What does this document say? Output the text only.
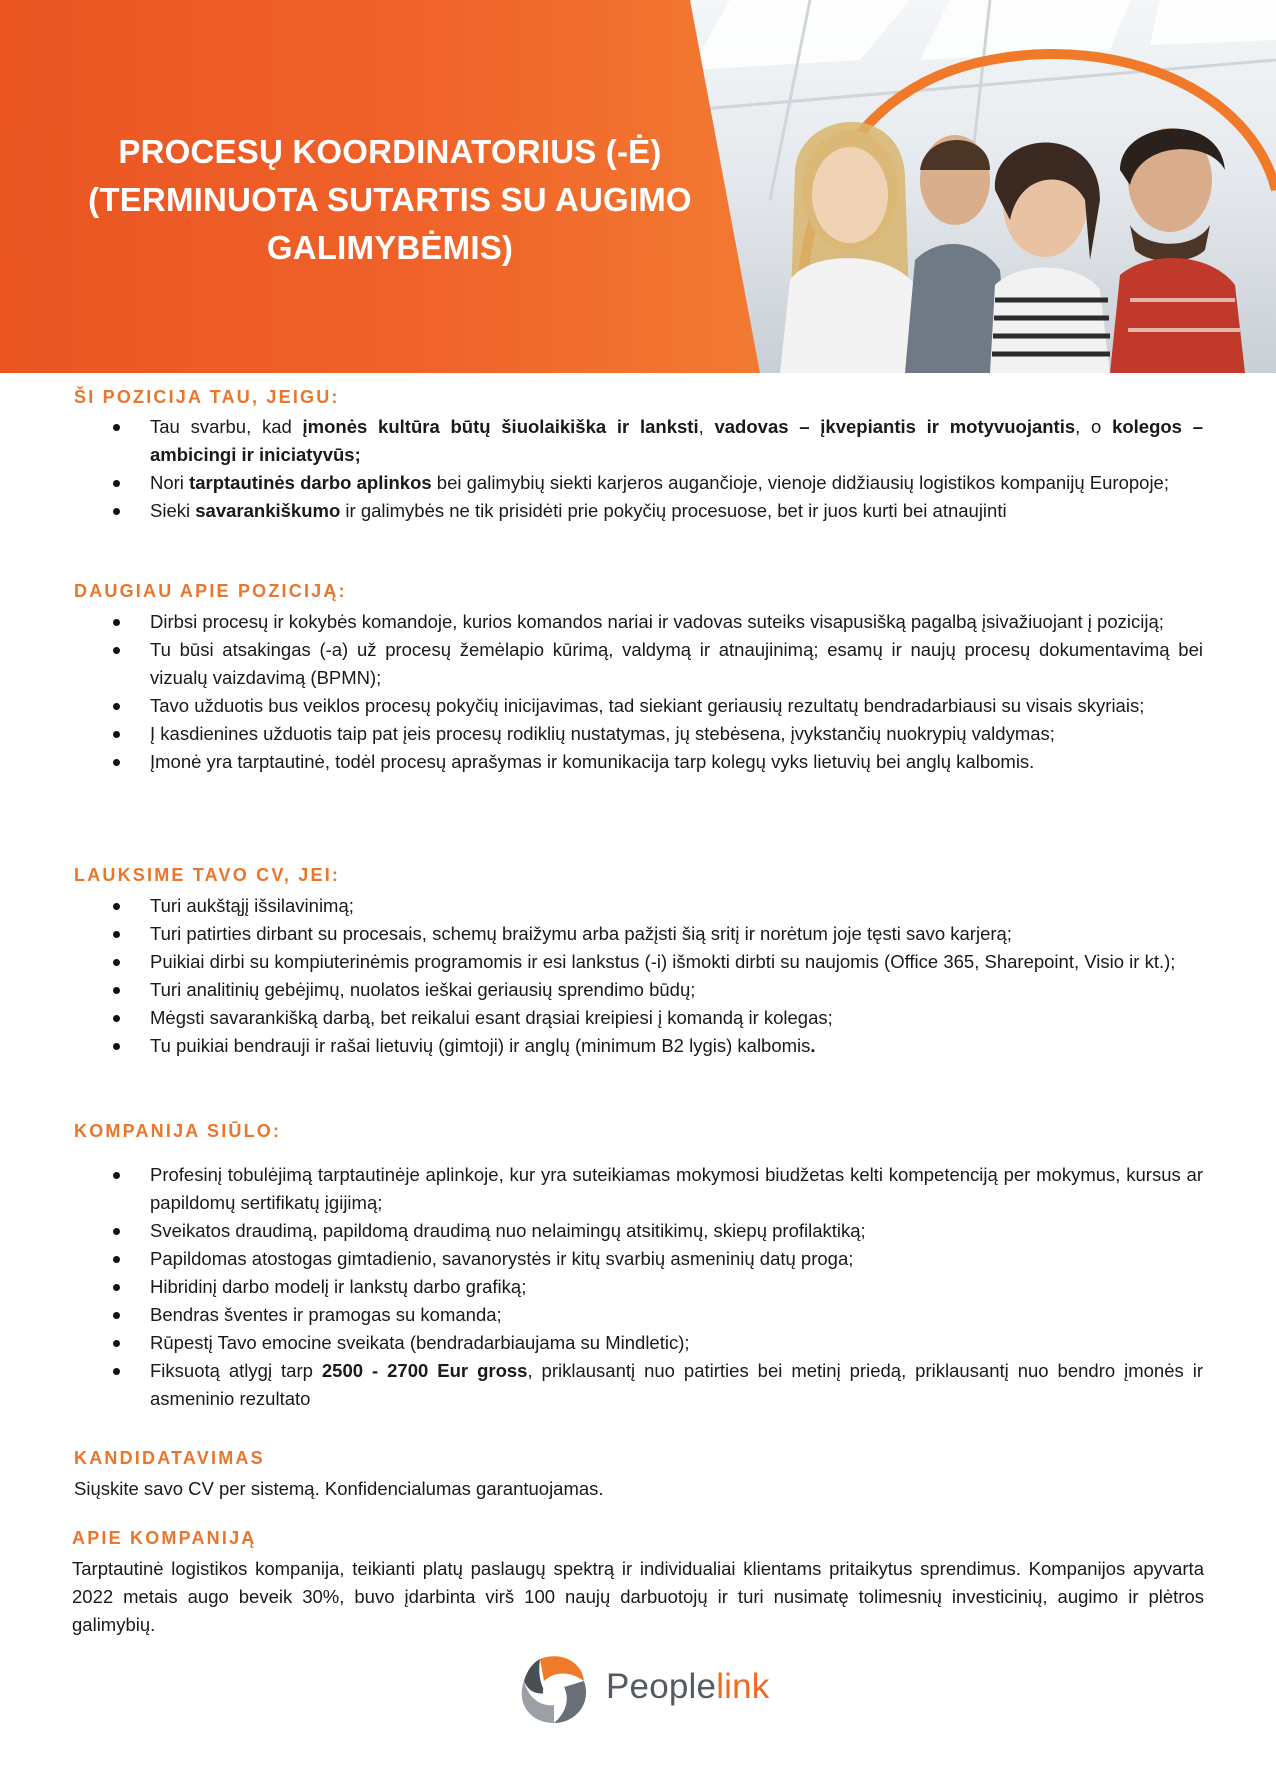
PROCESŲ KOORDINATORIUS (-Ė)
(TERMINUOTA SUTARTIS SU AUGIMO
GALIMYBĖMIS)
ŠI POZICIJA TAU, JEIGU:
Tau svarbu, kad įmonės kultūra būtų šiuolaikiška ir lanksti, vadovas – įkvepiantis ir motyvuojantis, o kolegos – ambicingi ir iniciatyvūs;
Nori tarptautinės darbo aplinkos bei galimybių siekti karjeros augančioje, vienoje didžiausių logistikos kompanijų Europoje;
Sieki savarankiškumo ir galimybės ne tik prisidėti prie pokyčių procesuose, bet ir juos kurti bei atnaujinti
DAUGIAU APIE POZICIJĄ:
Dirbsi procesų ir kokybės komandoje, kurios komandos nariai ir vadovas suteiks visapusišką pagalbą įsivažiuojant į poziciją;
Tu būsi atsakingas (-a) už procesų žemėlapio kūrimą, valdymą ir atnaujinimą; esamų ir naujų procesų dokumentavimą bei vizualų vaizdavimą (BPMN);
Tavo užduotis bus veiklos procesų pokyčių inicijavimas, tad siekiant geriausių rezultatų bendradarbiausi su visais skyriais;
Į kasdienines užduotis taip pat įeis procesų rodiklių nustatymas, jų stebėsena, įvykstančių nuokrypių valdymas;
Įmonė yra tarptautinė, todėl procesų aprašymas ir komunikacija tarp kolegų vyks lietuvių bei anglų kalbomis.
LAUKSIME TAVO CV, JEI:
Turi aukštąjį išsilavinimą;
Turi patirties dirbant su procesais, schemų braižymu arba pažįsti šią sritį ir norėtum joje tęsti savo karjerą;
Puikiai dirbi su kompiuterinėmis programomis ir esi lankstus (-i) išmokti dirbti su naujomis (Office 365, Sharepoint, Visio ir kt.);
Turi analitinių gebėjimų, nuolatos ieškai geriausių sprendimo būdų;
Mėgsti savarankišką darbą, bet reikalui esant drąsiai kreipiesi į komandą ir kolegas;
Tu puikiai bendrauji ir rašai lietuvių (gimtoji) ir anglų (minimum B2 lygis) kalbomis.
KOMPANIJA SIŪLO:
Profesinį tobulėjimą tarptautinėje aplinkoje, kur yra suteikiamas mokymosi biudžetas kelti kompetenciją per mokymus, kursus ar papildomų sertifikatų įgijimą;
Sveikatos draudimą, papildomą draudimą nuo nelaimingų atsitikimų, skiepų profilaktiką;
Papildomas atostogas gimtadienio, savanorystės ir kitų svarbių asmeninių datų proga;
Hibridinį darbo modelį ir lankstų darbo grafiką;
Bendras šventes ir pramogas su komanda;
Rūpestį Tavo emocine sveikata (bendradarbiaujama su Mindletic);
Fiksuotą atlygį tarp 2500 - 2700 Eur gross, priklausantį nuo patirties bei metinį priedą, priklausantį nuo bendro įmonės ir asmeninio rezultato
KANDIDATAVIMAS

Siųskite savo CV per sistemą. Konfidencialumas garantuojamas.

APIE KOMPANIJĄ

Tarptautinė logistikos kompanija, teikianti platų paslaugų spektrą ir individualiai klientams pritaikytus sprendimus. Kompanijos apyvarta 2022 metais augo beveik 30%, buvo įdarbinta virš 100 naujų darbuotojų ir turi nusimatę tolimesnių investicinių, augimo ir plėtros galimybių.

Peoplelink
